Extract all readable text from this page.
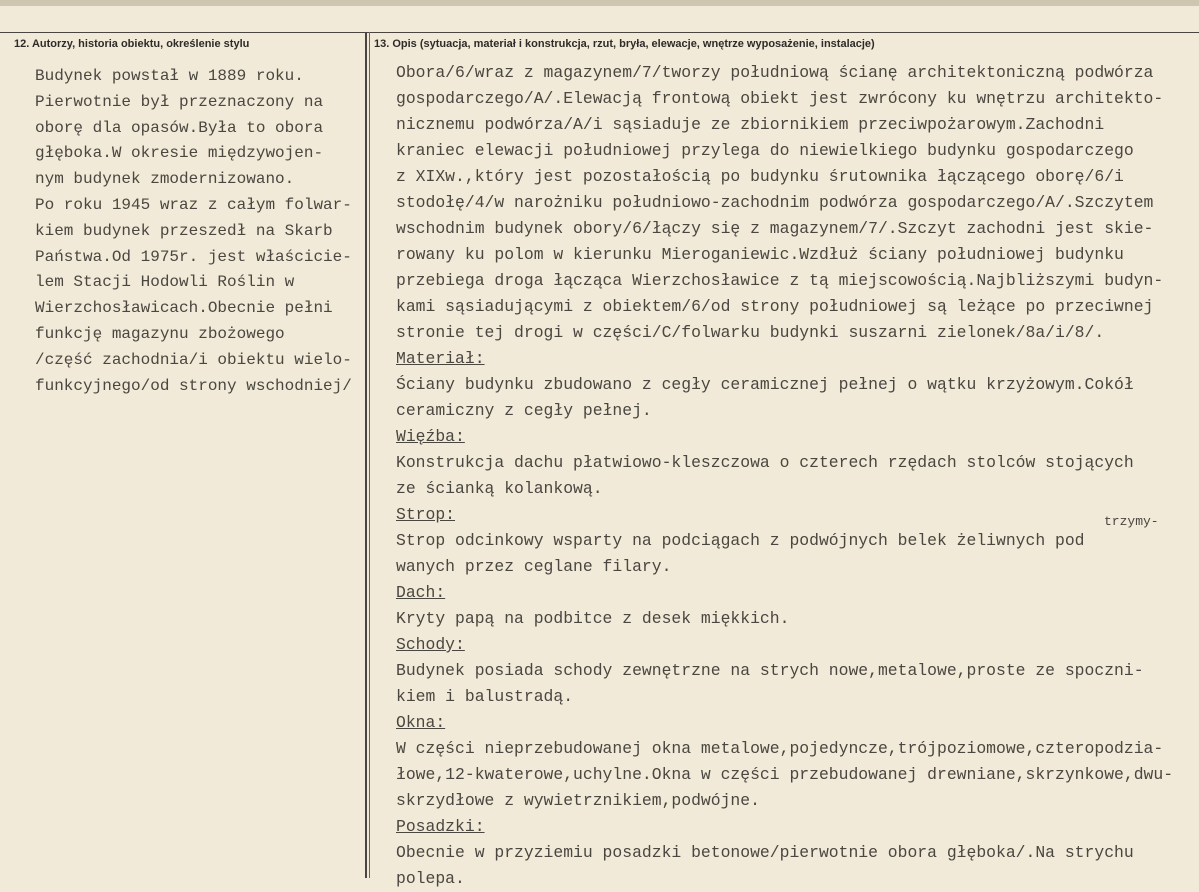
12. Autorzy, historia obiektu, określenie stylu	13. Opis (sytuacja, materiał i konstrukcja, rzut, bryła, elewacje, wnętrze wyposażenie, instalacje)
Budynek powstał w 1889 roku.
Pierwotnie był przeznaczony na
oborę dla opasów.Była to obora
głęboka.W okresie międzywojen-
nym budynek zmodernizowano.
Po roku 1945 wraz z całym folwar-
kiem budynek przeszedł na Skarb
Państwa.Od 1975r. jest właścicie-
lem Stacji Hodowli Roślin w
Wierzchosławicach.Obecnie pełni
funkcję magazynu zbożowego
/część zachodnia/i obiektu wielo-
funkcyjnego/od strony wschodniej/
Obora/6/wraz z magazynem/7/tworzy południową ścianę architektoniczną podwórza
gospodarczego/A/.Elewacją frontową obiekt jest zwrócony ku wnętrzu architekto-
nicznemu podwórza/A/i sąsiaduje ze zbiornikiem przeciwpożarowym.Zachodni
kraniec elewacji południowej przylega do niewielkiego budynku gospodarczego
z XIXw.,który jest pozostałością po budynku śrutownika łączącego oborę/6/i
stodołę/4/w narożniku południowo-zachodnim podwórza gospodarczego/A/.Szczytem
wschodnim budynek obory/6/łączy się z magazynem/7/.Szczyt zachodni jest skie-
rowany ku polom w kierunku Mieroganiewic.Wzdłuż ściany południowej budynku
przebiega droga łącząca Wierzchosławice z tą miejscowością.Najbliższymi budyn-
kami sąsiadującymi z obiektem/6/od strony południowej są leżące po przeciwnej
stronie tej drogi w części/C/folwarku budynki suszarni zielonek/8a/i/8/.
Materiał:
Ściany budynku zbudowano z cegły ceramicznej pełnej o wątku krzyżowym.Cokół
ceramiczny z cegły pełnej.
Więźba:
Konstrukcja dachu płatwiowo-kleszczowa o czterech rzędach stolców stojących
ze ścianką kolankową.
Strop:
Strop odcinkowy wsparty na podciągach z podwójnych belek żeliwnych pod
wanych przez ceglane filary.
Dach:
Kryty papą na podbitce z desek miękkich.
Schody:
Budynek posiada schody zewnętrzne na strych nowe,metalowe,proste ze spoczni-
kiem i balustradą.
Okna:
W części nieprzebudowanej okna metalowe,pojedyncze,trójpoziomowe,czteropodzia-
łowe,12-kwaterowe,uchylne.Okna w części przebudowanej drewniane,skrzynkowe,dwu-
skrzydłowe z wywietrznikiem,podwójne.
Posadzki:
Obecnie w przyziemiu posadzki betonowe/pierwotnie obora głęboka/.Na strychu
polepa.
trzymy-
